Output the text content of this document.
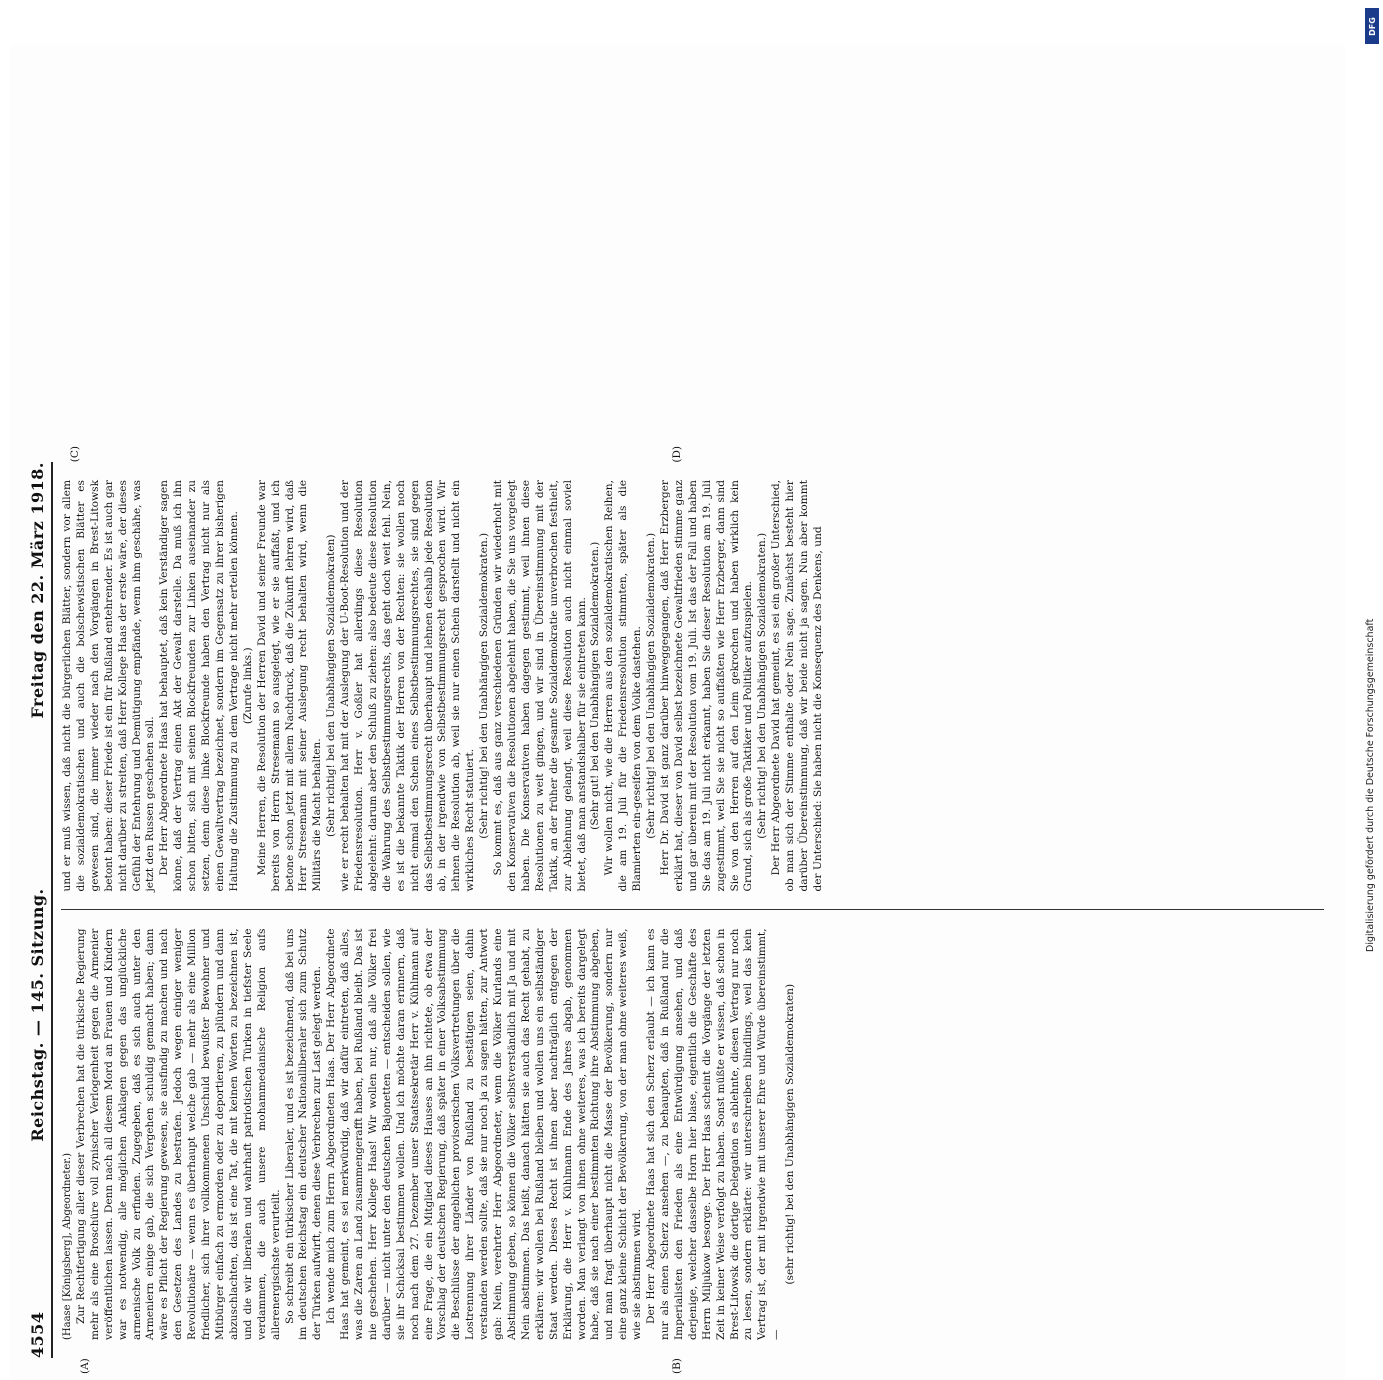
4554
Reichstag. — 145. Sitzung.
Freitag den 22. März 1918.
(A)	(B)

(Haase [Königsberg], Abgeordneter.) Zur Rechtfertigung aller dieser Verbrechen hat die türkische Regierung mehr als eine Broschüre voll zynischer Verlogenheit gegen die Armenier veröffentlichen lassen. Denn nach all diesem Mord an Frauen und Kindern war es notwendig, alle möglichen Anklagen gegen das unglückliche armenische Volk zu erfinden. Zugegeben, daß es sich auch unter den Armeniern einige gab, die sich Vergehen schuldig gemacht haben; dann wäre es Pflicht der Regierung gewesen, sie ausfindig zu machen und nach den Gesetzen des Landes zu bestrafen. Jedoch wegen einiger weniger Revolutionäre — wenn es überhaupt welche gab — mehr als eine Million friedlicher, sich ihrer vollkommenen Unschuld bewußter Bewohner und Mitbürger einfach zu ermorden oder zu deportieren, zu plündern und dann abzuschlachten, das ist eine Tat, die mit keinen Worten zu bezeichnen ist, und die wir liberalen und wahrhaft patriotischen Türken in tiefster Seele verdammen, die auch unsere mohammedanische Religion aufs allerenergischste verurteilt. So schreibt ein türkischer Liberaler, und es ist bezeichnend, daß bei uns im deutschen Reichstag ein deutscher Nationalliberaler sich zum Schutz der Türken aufwirft, denen diese Verbrechen zur Last gelegt werden. Ich wende mich zum Herrn Abgeordneten Haas. Der Herr Abgeordnete Haas hat gemeint, es sei merkwürdig, daß wir dafür eintreten, daß alles, was die Zaren an Land zusammengerafft haben, bei Rußland bleibt. Das ist nie geschehen. Herr Kollege Haas! Wir wollen nur, daß alle Völker frei darüber — nicht unter den deutschen Bajonetten — entscheiden sollen, wie sie ihr Schicksal bestimmen wollen. Und ich möchte daran erinnern, daß noch nach dem 27. Dezember unser Staatssekretär Herr v. Kühlmann auf eine Frage, die ein Mitglied dieses Hauses an ihn richtete, ob etwa der Vorschlag der deutschen Regierung, daß später in einer Volksabstimmung die Beschlüsse der angeblichen provisorischen Volksvertretungen über die Lostrennung ihrer Länder von Rußland zu bestätigen seien, dahin verstanden werden sollte, daß sie nur noch ja zu sagen hätten, zur Antwort gab: Nein, verehrter Herr Abgeordneter, wenn die Völker Kurlands eine Abstimmung geben, so können die Völker selbstverständlich mit Ja und mit Nein abstimmen. Das heißt, danach hätten sie auch das Recht gehabt, zu erklären: wir wollen bei Rußland bleiben und wollen uns ein selbständiger Staat werden. Dieses Recht ist ihnen aber nachträglich entgegen der Erklärung, die Herr v. Kühlmann Ende des Jahres abgab, genommen worden. Man verlangt von ihnen ohne weiteres, was ich bereits dargelegt habe, daß sie nach einer bestimmten Richtung ihre Abstimmung abgeben, und man fragt überhaupt nicht die Masse der Bevölkerung, sondern nur eine ganz kleine Schicht der Bevölkerung, von der man ohne weiteres weiß, wie sie abstimmen wird. Der Herr Abgeordnete Haas hat sich den Scherz erlaubt — ich kann es nur als einen Scherz ansehen —, zu behaupten, daß in Rußland nur die Imperialisten den Frieden als eine Entwürdigung ansehen, und daß derjenige, welcher dasselbe Horn hier blase, eigentlich die Geschäfte des Herrn Miljukow besorge. Der Herr Haas scheint die Vorgänge der letzten Zeit in keiner Weise verfolgt zu haben. Sonst müßte er wissen, daß schon in Brest-Litowsk die dortige Delegation es ablehnte, diesen Vertrag nur noch zu lesen, sondern erklärte: wir unterschreiben blindlings, weil das kein Vertrag ist, der mit irgendwie mit unserer Ehre und Würde übereinstimmt, —

(sehr richtig! bei den Unabhängigen Sozialdemokraten)

(C)	(D)

und er muß wissen, daß nicht die bürgerlichen Blätter, sondern vor allem die sozialdemokratischen und auch die bolschewistischen Blätter es gewesen sind, die immer wieder nach den Vorgängen in Brest-Litowsk betont haben: dieser Friede ist ein für Rußland entehrender. Es ist auch gar nicht darüber zu streiten, daß Herr Kollege Haas der erste wäre, der dieses Gefühl der Entehrung und Demütigung empfände, wenn ihm geschähe, was jetzt den Russen geschehen soll. Der Herr Abgeordnete Haas hat behauptet, daß kein Verständiger sagen könne, daß der Vertrag einen Akt der Gewalt darstelle. Da muß ich ihn schon bitten, sich mit seinen Blockfreunden zur Linken auseinander zu setzen, denn diese linke Blockfreunde haben den Vertrag nicht nur als einen Gewaltvertrag bezeichnet, sondern im Gegensatz zu ihrer bisherigen Haltung die Zustimmung zu dem Vertrage nicht mehr erteilen können. (Zurufe links.) Meine Herren, die Resolution der Herren David und seiner Freunde war bereits von Herrn Stresemann so ausgelegt, wie er sie auffaßt, und ich betone schon jetzt mit allem Nachdruck, daß die Zukunft lehren wird, daß Herr Stresemann mit seiner Auslegung recht behalten wird, wenn die Militärs die Macht behalten. (Sehr richtig! bei den Unabhängigen Sozialdemokraten) wie er recht behalten hat mit der Auslegung der U-Boot-Resolution und der Friedensresolution. Herr v. Goßler hat allerdings diese Resolution abgelehnt: darum aber den Schluß zu ziehen: also bedeute diese Resolution die Wahrung des Selbstbestimmungsrechts, das geht doch weit fehl. Nein, es ist die bekannte Taktik der Herren von der Rechten: sie wollen noch nicht einmal den Schein eines Selbstbestimmungsrechtes, sie sind gegen das Selbstbestimmungsrecht überhaupt und lehnen deshalb jede Resolution ab, in der irgendwie von Selbstbestimmungsrecht gesprochen wird. Wir lehnen die Resolution ab, weil sie nur einen Schein darstellt und nicht ein wirkliches Recht statuiert. (Sehr richtig! bei den Unabhängigen Sozialdemokraten.) So kommt es, daß aus ganz verschiedenen Gründen wir wiederholt mit den Konservativen die Resolutionen abgelehnt haben, die Sie uns vorgelegt haben. Die Konservativen haben dagegen gestimmt, weil ihnen diese Resolutionen zu weit gingen, und wir sind in Übereinstimmung mit der Taktik, an der früher die gesamte Sozialdemokratie unverbrochen festhielt, zur Ablehnung gelangt, weil diese Resolution auch nicht einmal soviel bietet, daß man anstandshalber für sie eintreten kann. (Sehr gut! bei den Unabhängigen Sozialdemokraten.) Wir wollen nicht, wie die Herren aus den sozialdemokratischen Reihen, die am 19. Juli für die Friedensresolution stimmten, später als die Blamierten ein-geseifen von dem Volke dastehen. (Sehr richtig! bei den Unabhängigen Sozialdemokraten.) Herr Dr. David ist ganz darüber hinweggegangen, daß Herr Erzberger erklärt hat, dieser von David selbst bezeichnete Gewaltfrieden stimme ganz und gar überein mit der Resolution vom 19. Juli. Ist das der Fall und haben Sie das am 19. Juli nicht erkannt, haben Sie dieser Resolution am 19. Juli zugestimmt, weil Sie sie nicht so auffaßten wie Herr Erzberger, dann sind Sie von den Herren auf den Leim gekrochen und haben wirklich kein Grund, sich als große Taktiker und Politiker aufzuspielen. (Sehr richtig! bei den Unabhängigen Sozialdemokraten.) Der Herr Abgeordnete David hat gemeint, es sei ein großer Unterschied, ob man sich der Stimme enthalte oder Nein sage. Zunächst besteht hier darüber Übereinstimmung, daß wir beide nicht ja sagen. Nun aber kommt der Unterschied: Sie haben nicht die Konsequenz des Denkens, und

DFG
Digitalisierung gefördert durch die Deutsche Forschungsgemeinschaft
